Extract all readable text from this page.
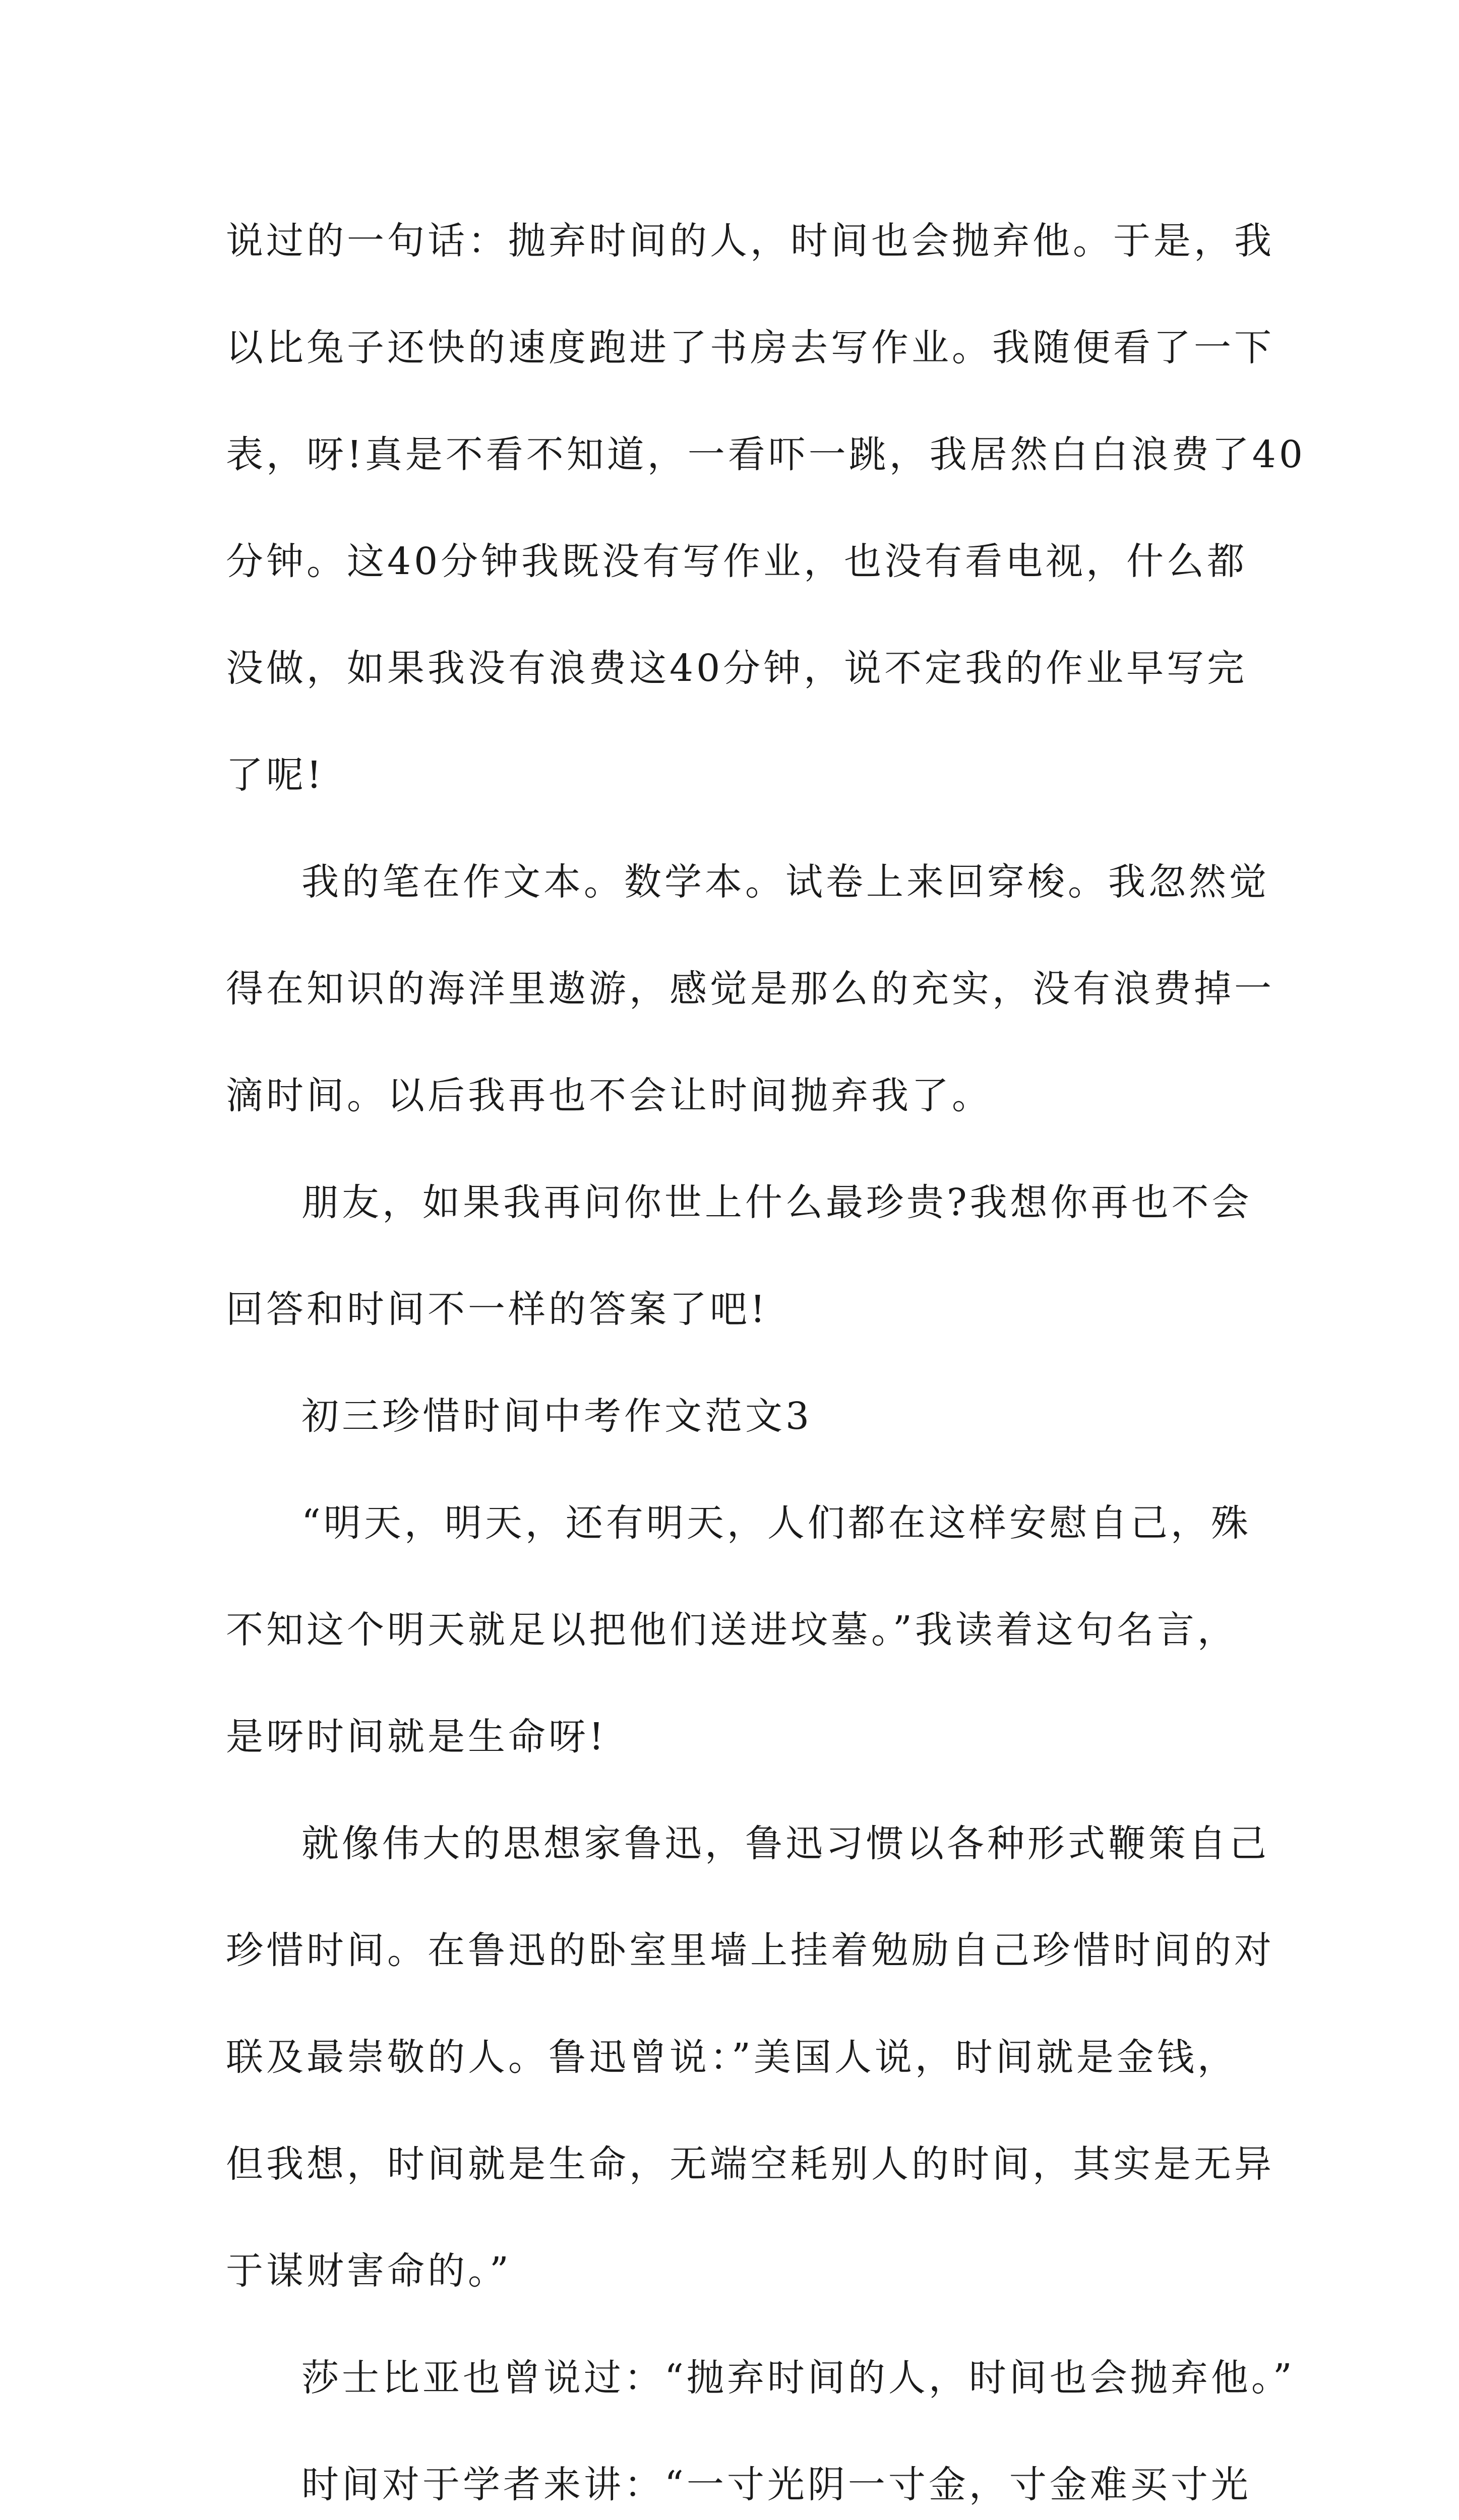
说过的一句话：抛弃时间的人，时间也会抛弃他。于是，我
以比兔子还快的速度跑进了书房去写作业。我随便看了一下
表，呀!真是不看不知道，一看吓一跳，我居然白白浪费了40
分钟。这40分钟我既没有写作业，也没有看电视，什么都
没做，如果我没有浪费这40分钟，说不定我的作业早写完
了呢!
我的笔在作文本。数学本。试卷上来回穿梭。我忽然觉
得在知识的海洋里遨游，感觉是那么的充实，没有浪费掉一
滴时间。以后我再也不会让时间抛弃我了。
朋友，如果我再问你世上什么最珍贵?我想你再也不会
回答和时间不一样的答案了吧!
初三珍惜时间中考作文范文3
“明天，明天，还有明天，人们都在这样安慰自己，殊
不知这个明天就足以把他们送进坟墓。”我读着这句名言，
是呀时间就是生命呀!
就像伟大的思想家鲁迅，鲁迅习惯以各种形式鞭策自己
珍惜时间。在鲁迅的卧室里墙上挂着勉励自己珍惜时间的对
联及最崇敬的人。鲁迅曾说：”美国人说，时间就是金钱，
但我想，时间就是生命，无端空耗别人的时间，其实是无异
于谋财害命的。”
莎士比亚也曾说过：“抛弃时间的人，时间也会抛弃他。”
时间对于学者来讲：“一寸光阴一寸金，寸金难买寸光
